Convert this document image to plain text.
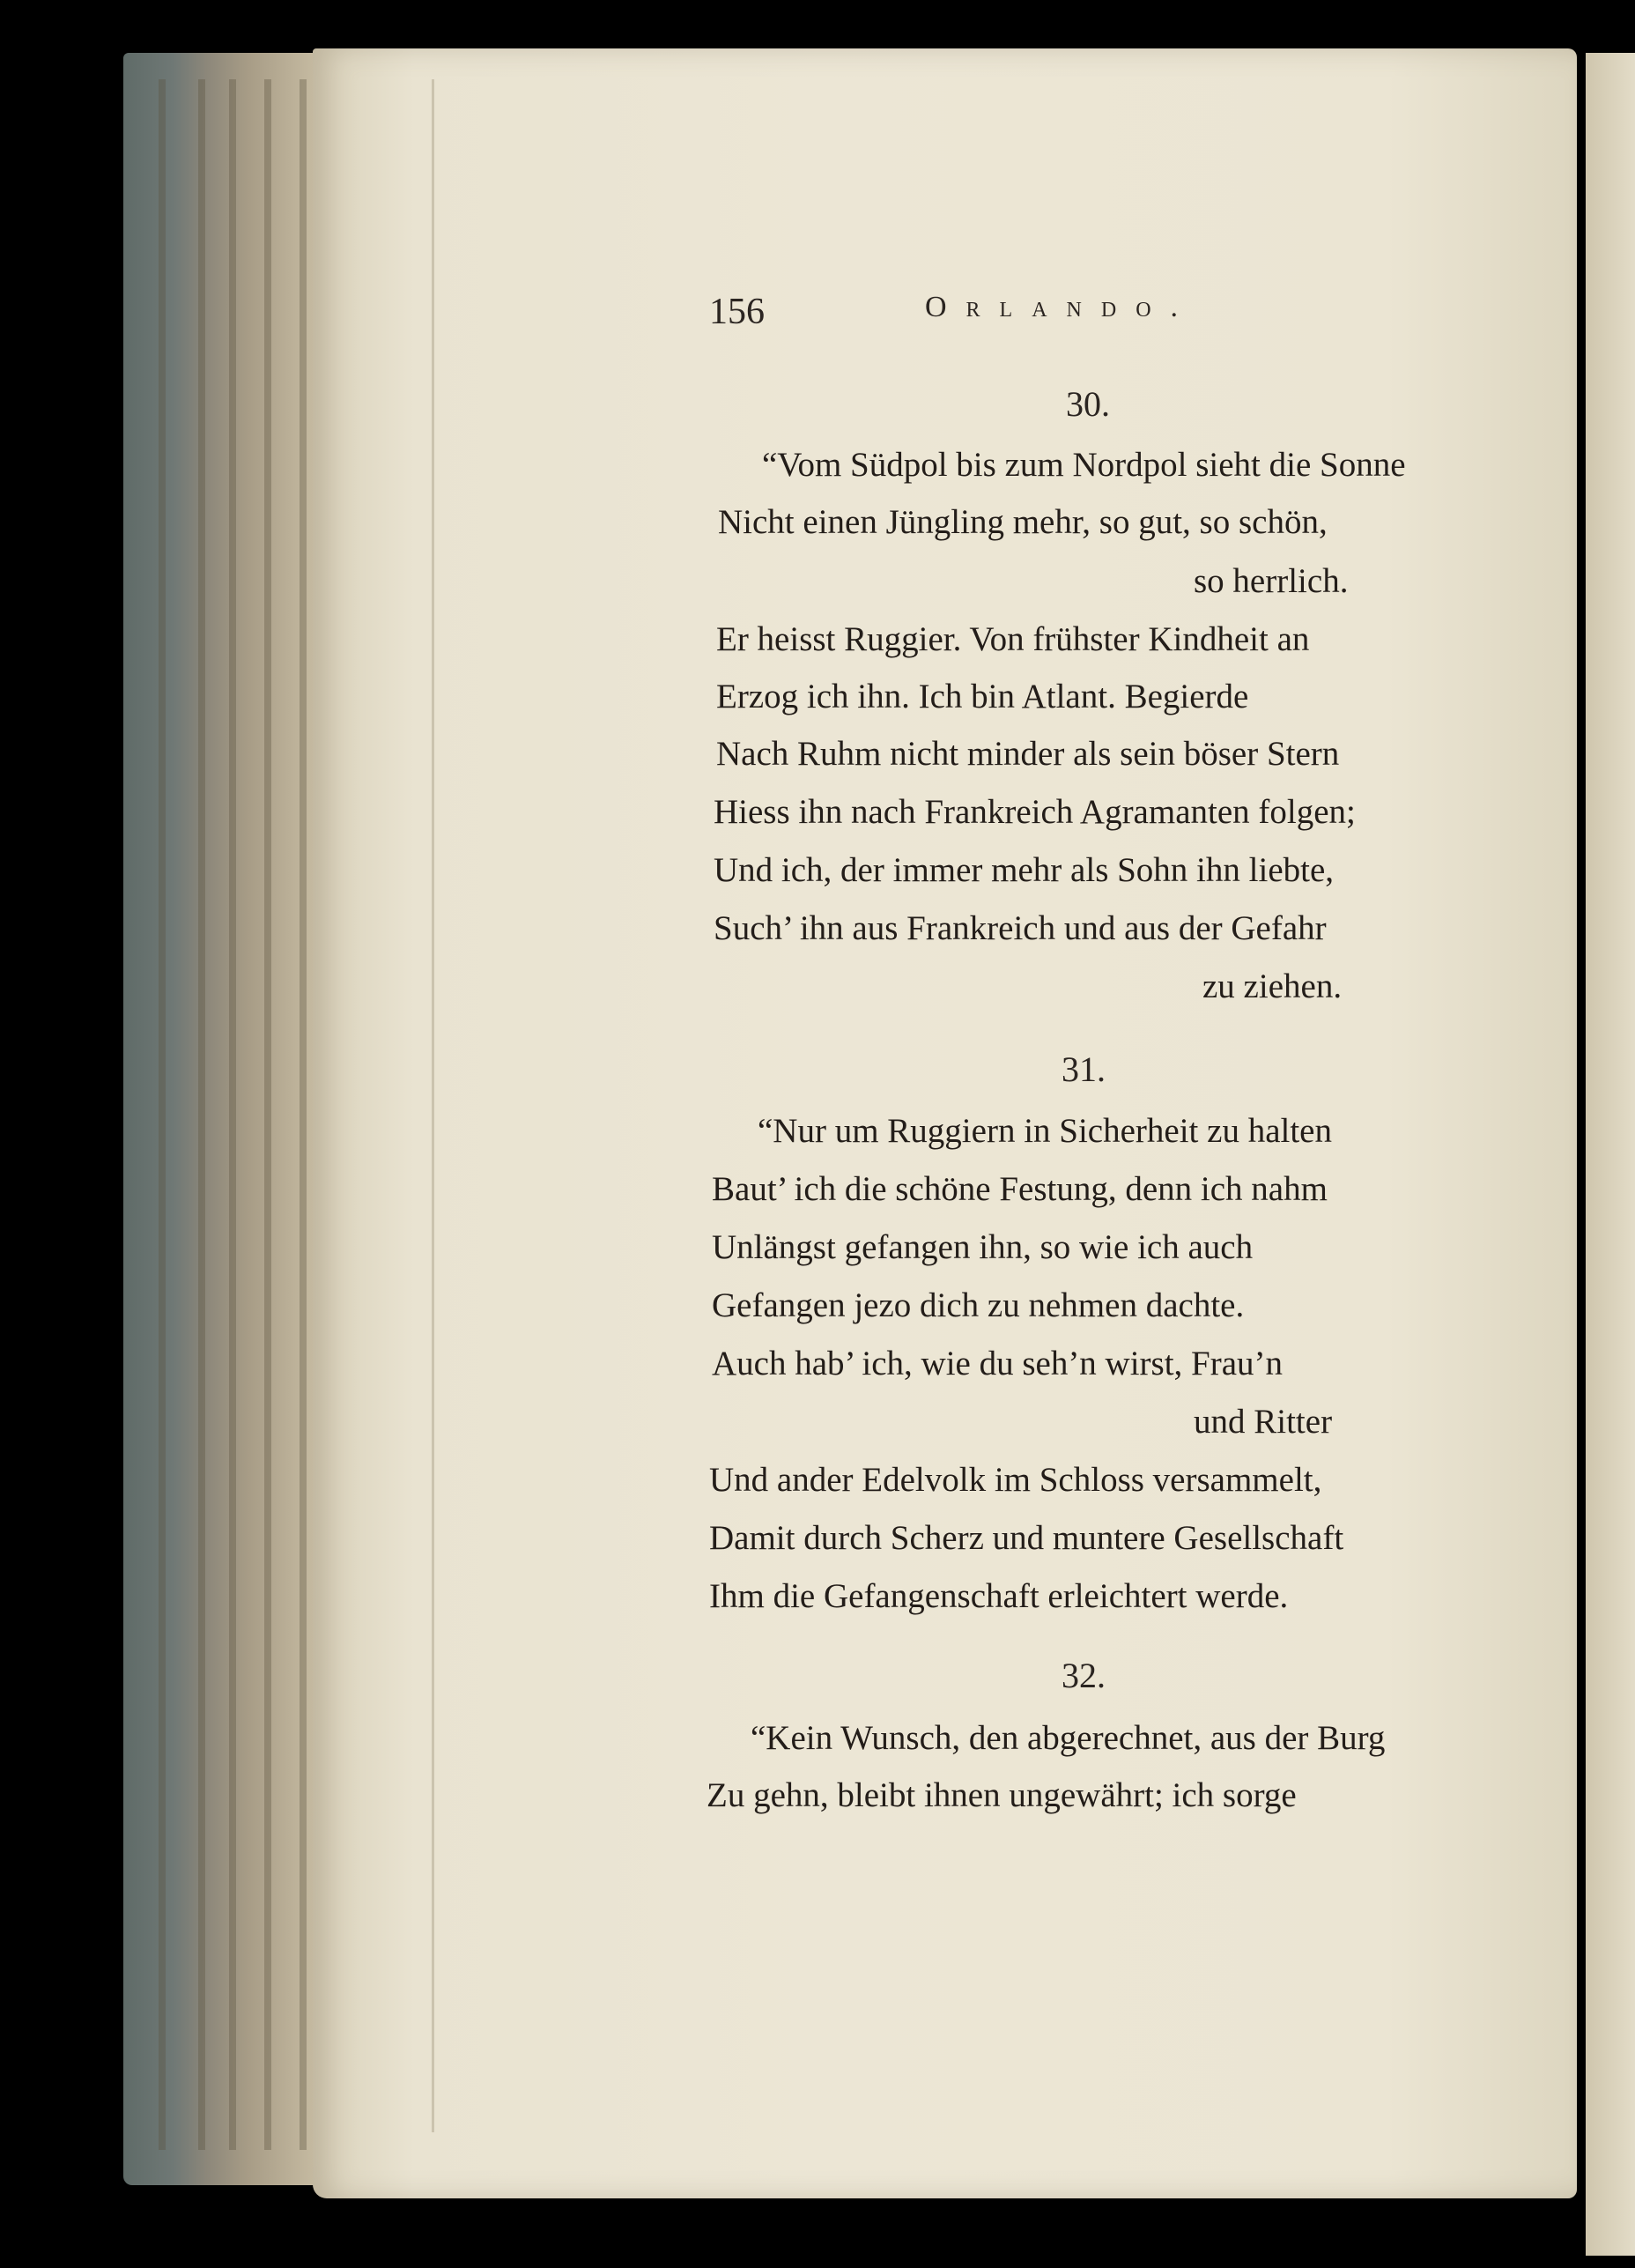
156	Orlando.
30.
“Vom Südpol bis zum Nordpol sieht die Sonne
Nicht einen Jüngling mehr, so gut, so schön,
so herrlich.
Er heisst Ruggier. Von frühster Kindheit an
Erzog ich ihn. Ich bin Atlant. Begierde
Nach Ruhm nicht minder als sein böser Stern
Hiess ihn nach Frankreich Agramanten folgen;
Und ich, der immer mehr als Sohn ihn liebte,
Such’ ihn aus Frankreich und aus der Gefahr
zu ziehen.
31.
“Nur um Ruggiern in Sicherheit zu halten
Baut’ ich die schöne Festung, denn ich nahm
Unlängst gefangen ihn, so wie ich auch
Gefangen jezo dich zu nehmen dachte.
Auch hab’ ich, wie du seh’n wirst, Frau’n
und Ritter
Und ander Edelvolk im Schloss versammelt,
Damit durch Scherz und muntere Gesellschaft
Ihm die Gefangenschaft erleichtert werde.
32.
“Kein Wunsch, den abgerechnet, aus der Burg
Zu gehn, bleibt ihnen ungewährt; ich sorge
